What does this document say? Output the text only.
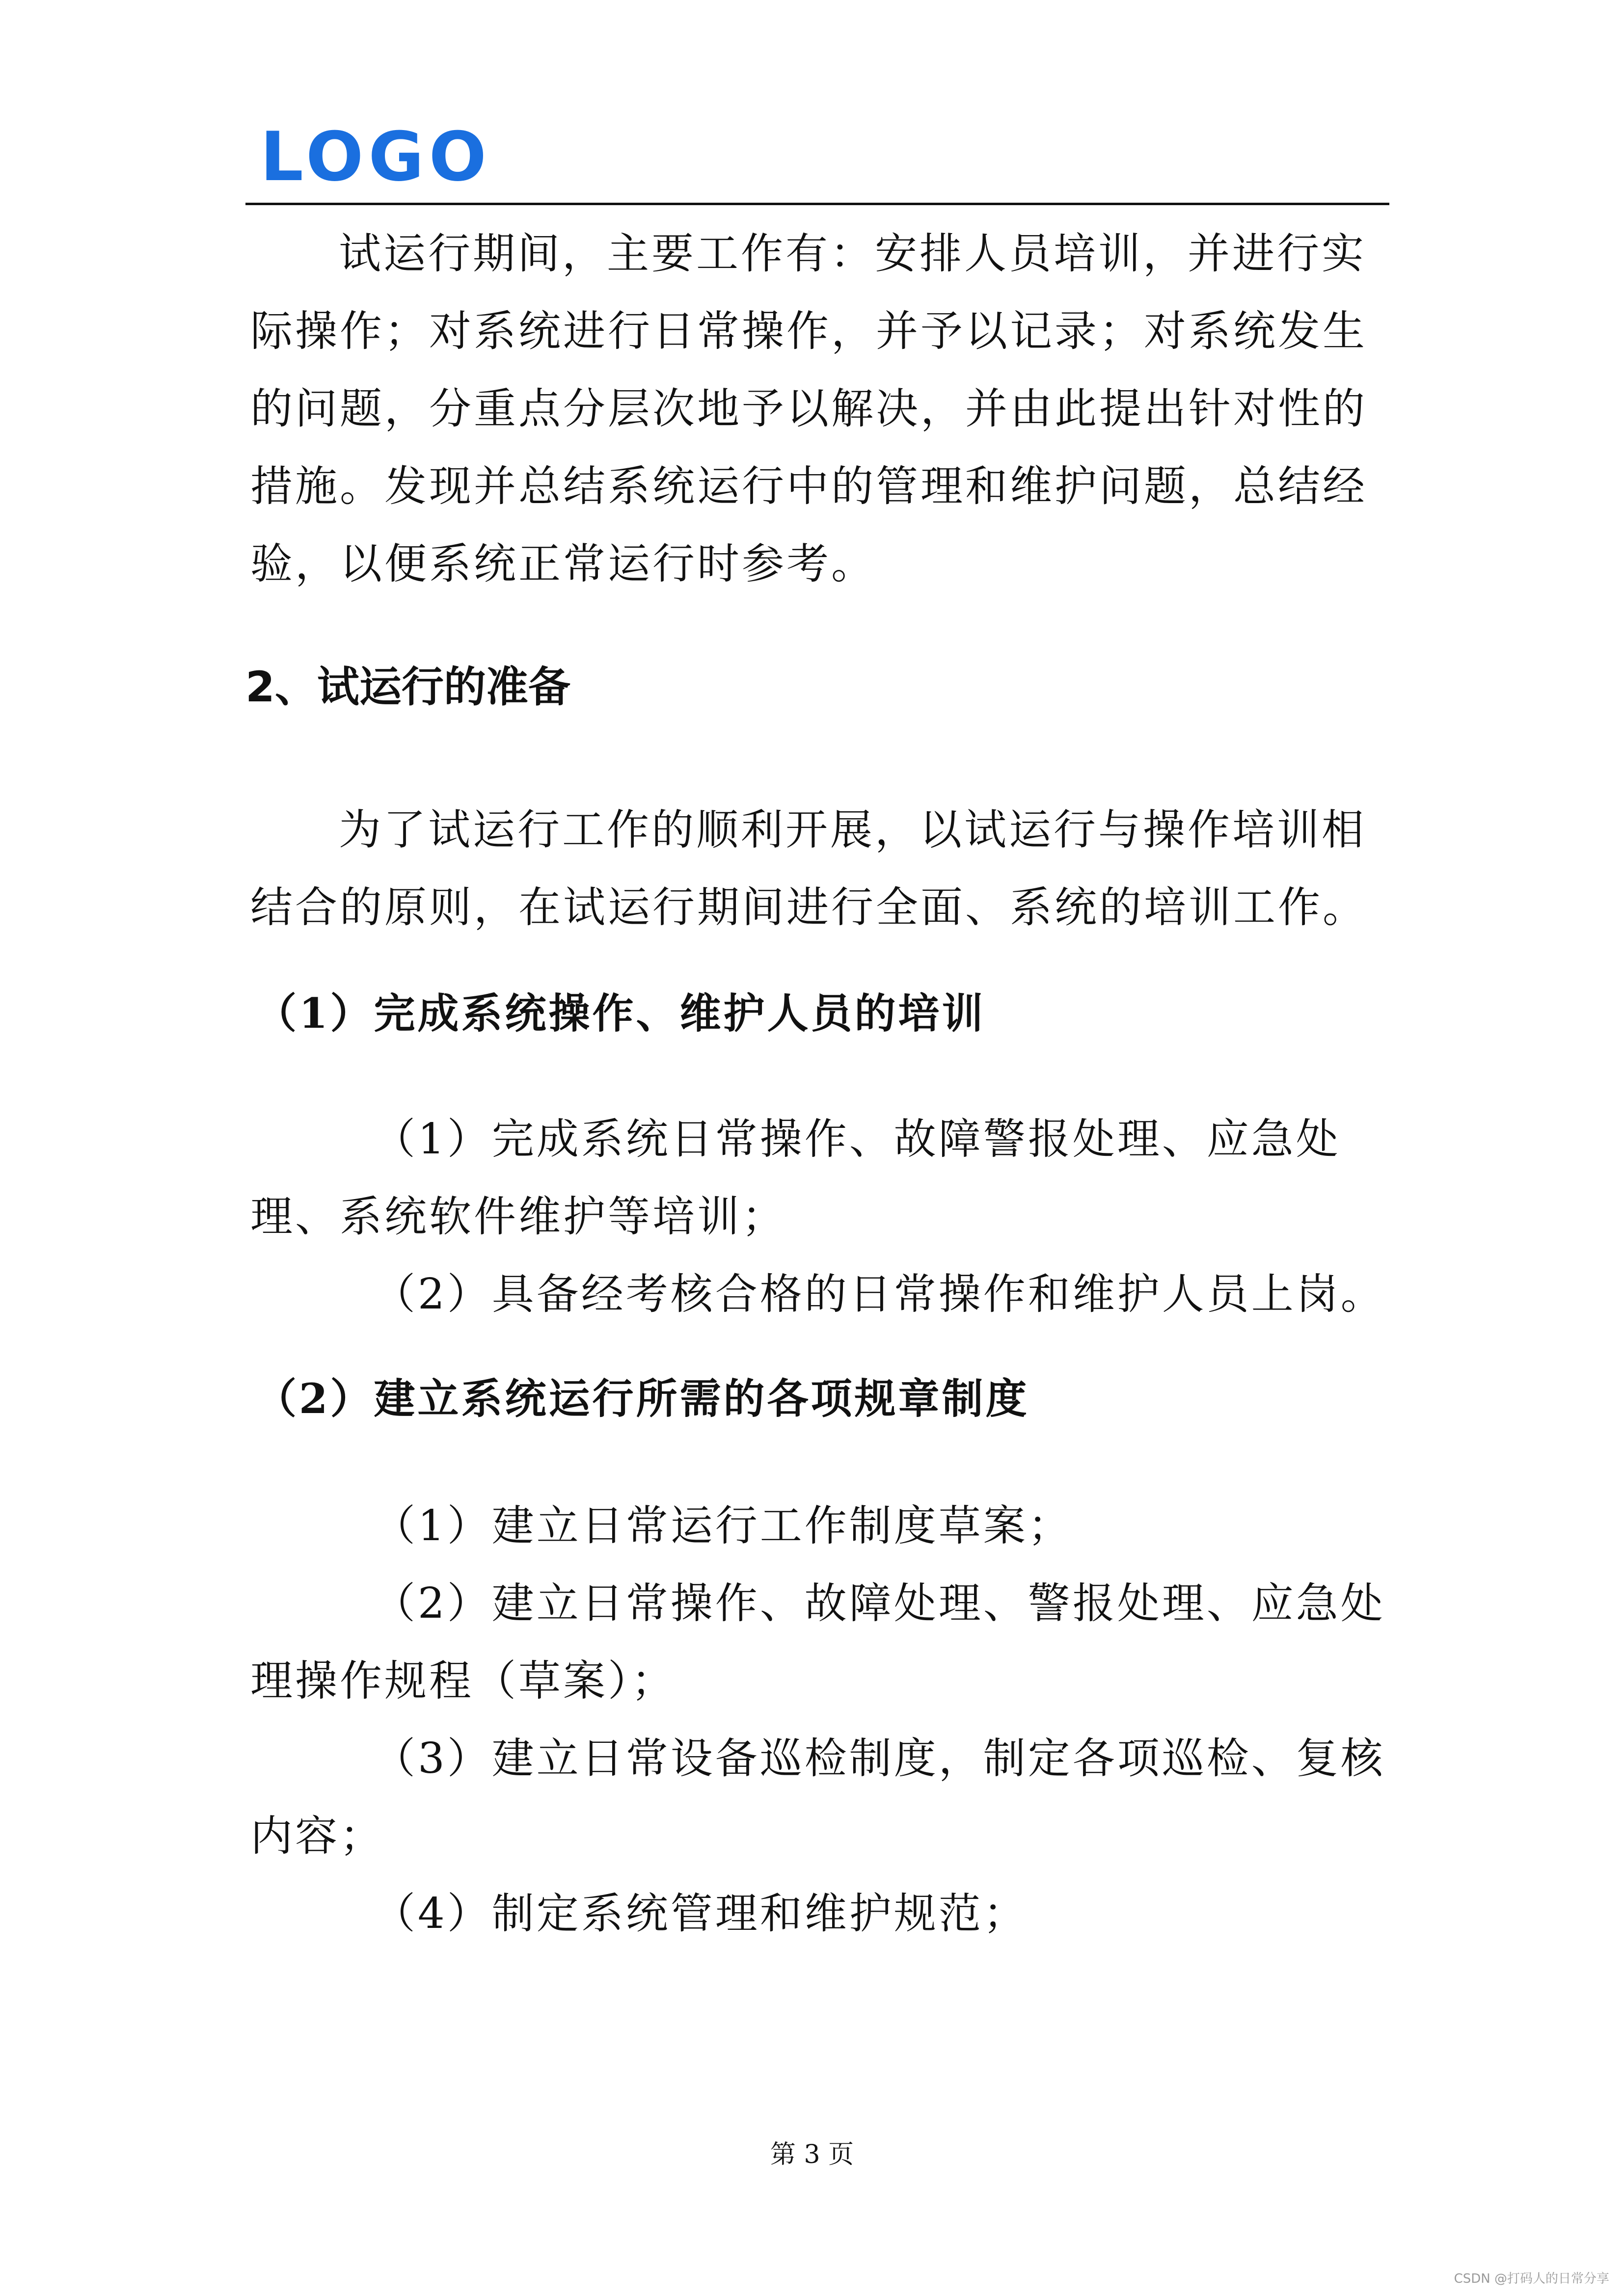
LOGO

试运行期间，主要工作有：安排人员培训，并进行实际操作；对系统进行日常操作，并予以记录；对系统发生的问题，分重点分层次地予以解决，并由此提出针对性的措施。发现并总结系统运行中的管理和维护问题，总结经验，以便系统正常运行时参考。

2、试运行的准备

为了试运行工作的顺利开展，以试运行与操作培训相结合的原则，在试运行期间进行全面、系统的培训工作。

（1）完成系统操作、维护人员的培训

（1）完成系统日常操作、故障警报处理、应急处理、系统软件维护等培训；

（2）具备经考核合格的日常操作和维护人员上岗。

（2）建立系统运行所需的各项规章制度

（1）建立日常运行工作制度草案；

（2）建立日常操作、故障处理、警报处理、应急处理操作规程（草案）；

（3）建立日常设备巡检制度，制定各项巡检、复核内容；

（4）制定系统管理和维护规范；

第 3 页
CSDN @打码人的日常分享
